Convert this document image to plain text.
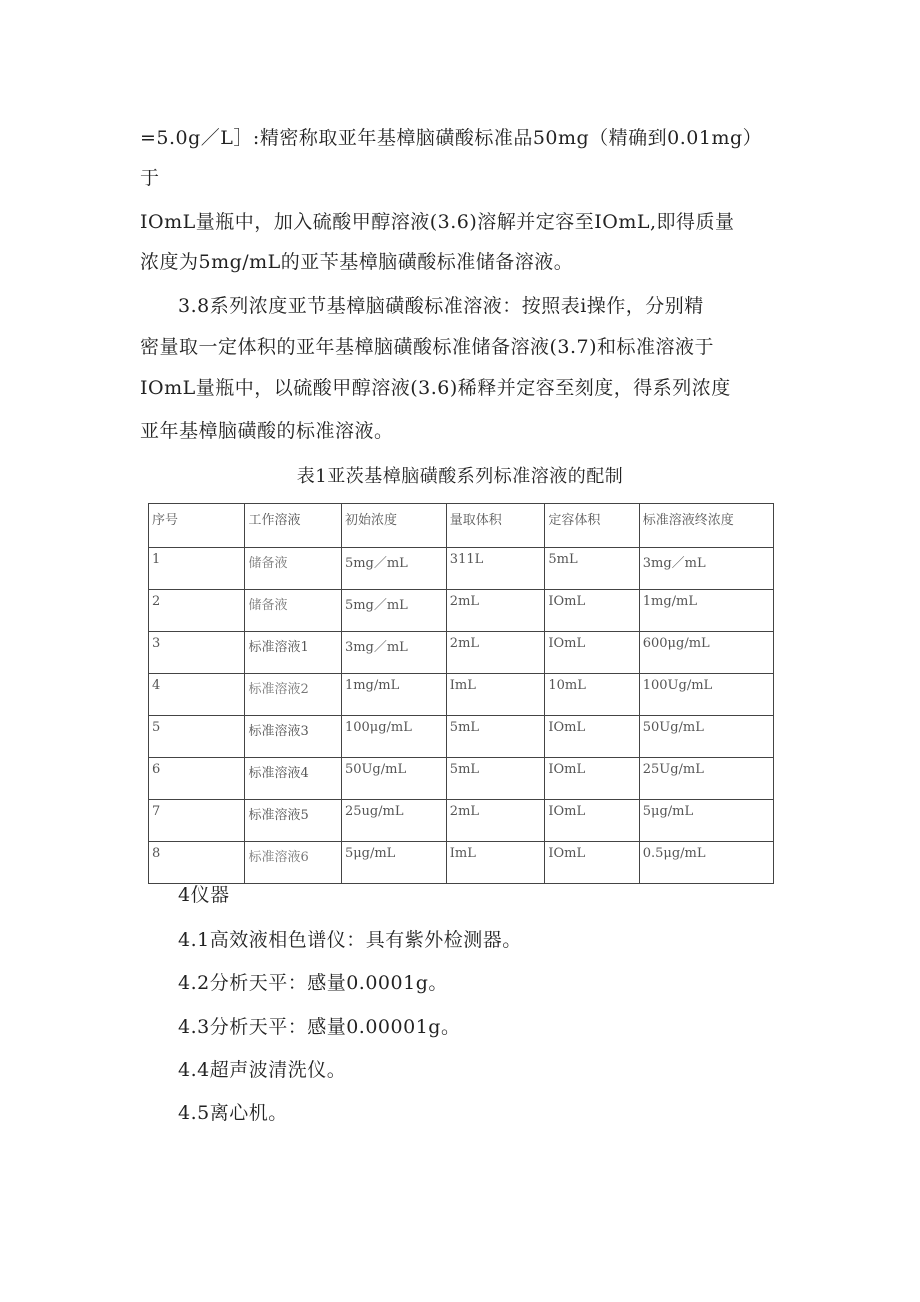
=5.0g／L］:精密称取亚年基樟脑磺酸标准品50mg（精确到0.01mg）
于
IOmL量瓶中，加入硫酸甲醇溶液(3.6)溶解并定容至IOmL,即得质量
浓度为5mg/mL的亚苄基樟脑磺酸标准储备溶液。
3.8系列浓度亚节基樟脑磺酸标准溶液：按照表i操作，分别精
密量取一定体积的亚年基樟脑磺酸标准储备溶液(3.7)和标准溶液于
IOmL量瓶中，以硫酸甲醇溶液(3.6)稀释并定容至刻度，得系列浓度
亚年基樟脑磺酸的标准溶液。
表1亚茨基樟脑磺酸系列标准溶液的配制
序号	工作溶液	初始浓度	量取体积	定容体积	标准溶液终浓度
1	储备液	5mg／mL	311L	5mL	3mg／mL
2	储备液	5mg／mL	2mL	IOmL	1mg/mL
3	标准溶液1	3mg／mL	2mL	IOmL	600μg/mL
4	标准溶液2	1mg/mL	ImL	10mL	100Ug/mL
5	标准溶液3	100μg/mL	5mL	IOmL	50Ug/mL
6	标准溶液4	50Ug/mL	5mL	IOmL	25Ug/mL
7	标准溶液5	25ug/mL	2mL	IOmL	5μg/mL
8	标准溶液6	5μg/mL	ImL	IOmL	0.5μg/mL
4仪器
4.1高效液相色谱仪：具有紫外检测器。
4.2分析天平：感量0.0001g。
4.3分析天平：感量0.00001g。
4.4超声波清洗仪。
4.5离心机。
